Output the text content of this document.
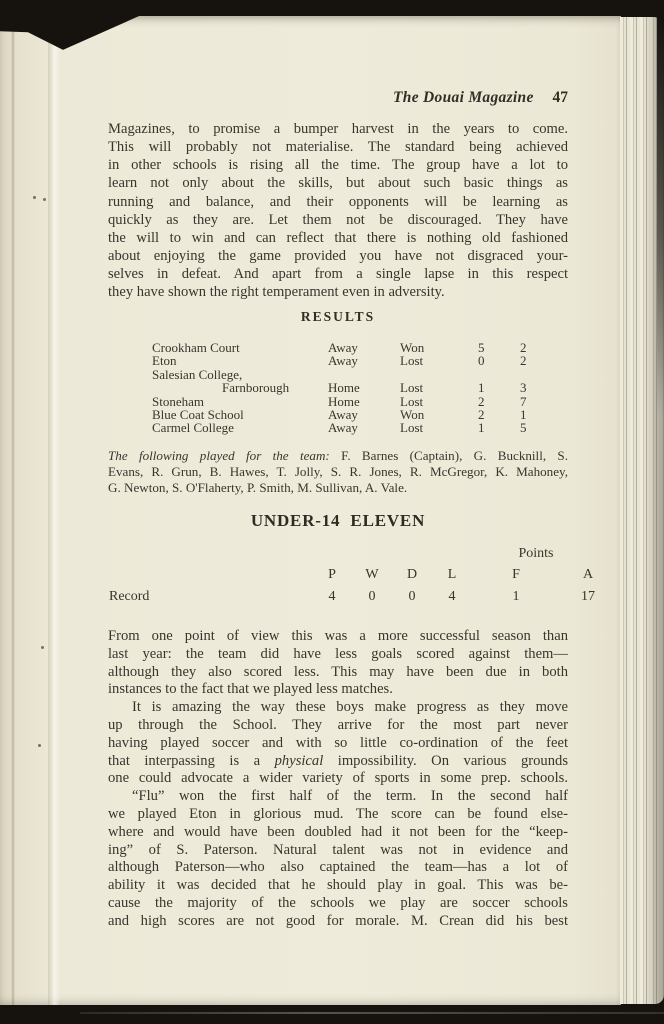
The Douai Magazine 47
Magazines, to promise a bumper harvest in the years to come.
This will probably not materialise. The standard being achieved
in other schools is rising all the time. The group have a lot to
learn not only about the skills, but about such basic things as
running and balance, and their opponents will be learning as
quickly as they are. Let them not be discouraged. They have
the will to win and can reflect that there is nothing old fashioned
about enjoying the game provided you have not disgraced your-
selves in defeat. And apart from a single lapse in this respect
they have shown the right temperament even in adversity.
RESULTS
Crookham Court	Away	Won	5	2
Eton	Away	Lost	0	2
Salesian College,
Farnborough	Home	Lost	1	3
Stoneham	Home	Lost	2	7
Blue Coat School	Away	Won	2	1
Carmel College	Away	Lost	1	5
The following played for the team: F. Barnes (Captain), G. Bucknill, S.
Evans, R. Grun, B. Hawes, T. Jolly, S. R. Jones, R. McGregor, K. Mahoney,
G. Newton, S. O'Flaherty, P. Smith, M. Sullivan, A. Vale.
UNDER-14  ELEVEN
Points
P	W	D	L	F	A
Record	4	0	0	4	1	17
From one point of view this was a more successful season than
last year: the team did have less goals scored against them—
although they also scored less. This may have been due in both
instances to the fact that we played less matches.
It is amazing the way these boys make progress as they move
up through the School. They arrive for the most part never
having played soccer and with so little co-ordination of the feet
that interpassing is a physical impossibility. On various grounds
one could advocate a wider variety of sports in some prep. schools.
“Flu” won the first half of the term. In the second half
we played Eton in glorious mud. The score can be found else-
where and would have been doubled had it not been for the “keep-
ing” of S. Paterson. Natural talent was not in evidence and
although Paterson—who also captained the team—has a lot of
ability it was decided that he should play in goal. This was be-
cause the majority of the schools we play are soccer schools
and high scores are not good for morale. M. Crean did his best
